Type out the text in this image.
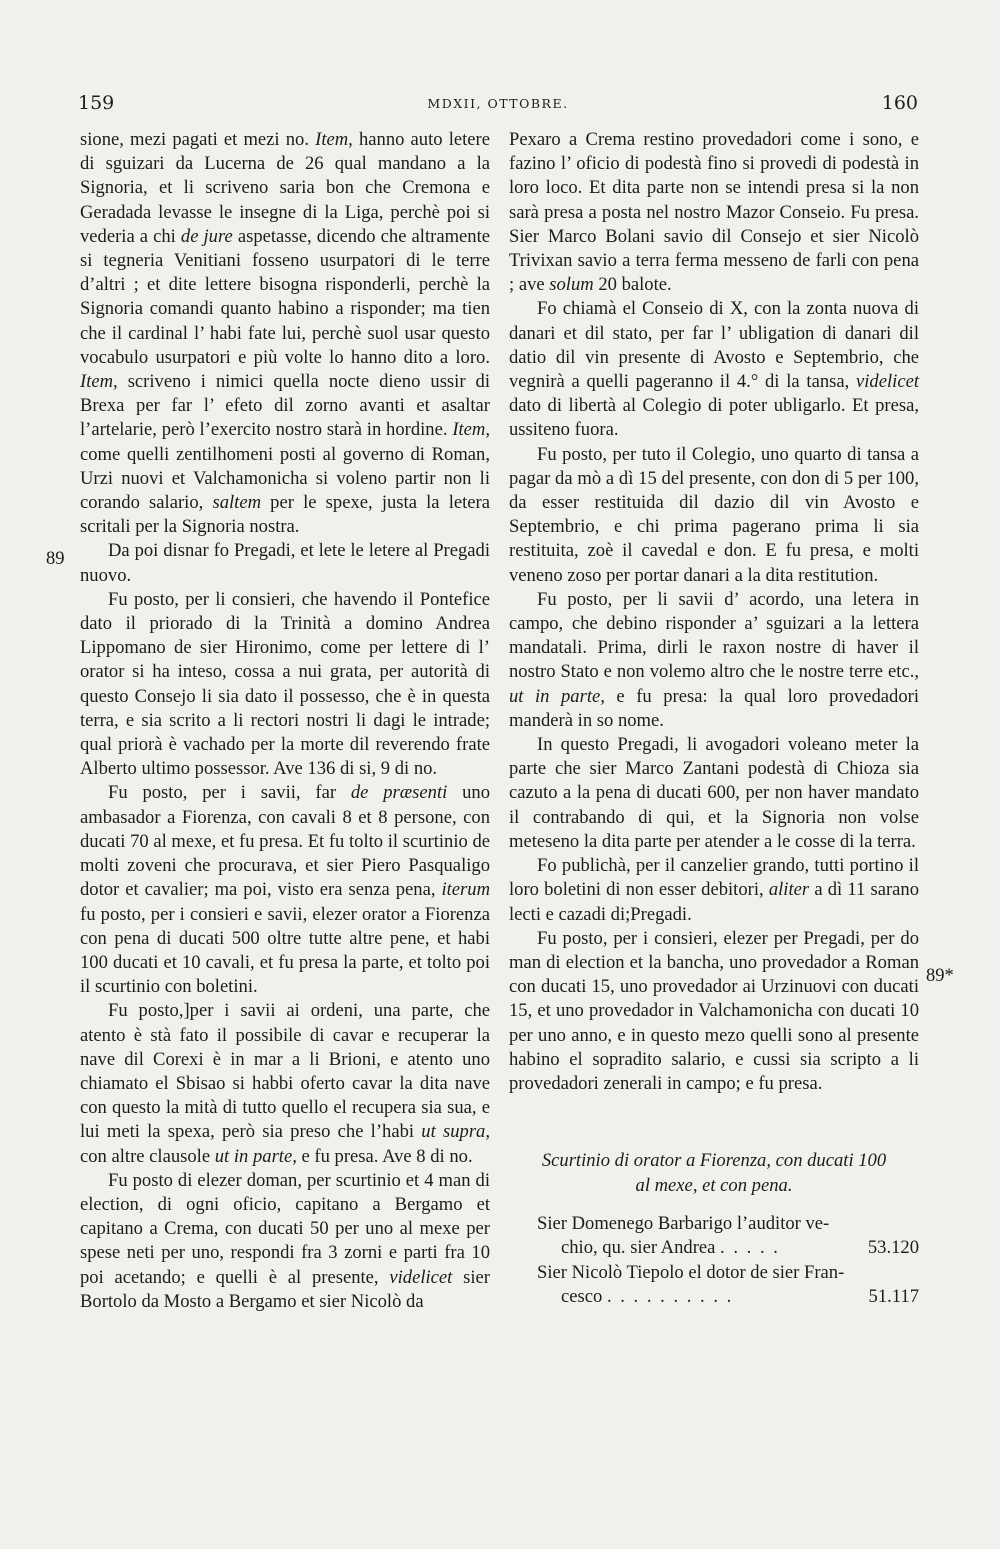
159	MDXII, OTTOBRE.	160
89
89*

sione, mezi pagati et mezi no. Item, hanno auto letere di sguizari da Lucerna de 26 qual mandano a la Signoria, et li scriveno saria bon che Cremona e Geradada levasse le insegne di la Liga, perchè poi si vederia a chi de jure aspetasse, dicendo che altramente si tegneria Venitiani fosseno usurpatori di le terre d’altri ; et dite lettere bisogna risponderli, perchè la Signoria comandi quanto habino a risponder; ma tien che il cardinal l’ habi fate lui, perchè suol usar questo vocabulo usurpatori e più volte lo hanno dito a loro. Item, scriveno i nimici quella nocte dieno ussir di Brexa per far l’ efeto dil zorno avanti et asaltar l’artelarie, però l’exercito nostro starà in hordine. Item, come quelli zentilhomeni posti al governo di Roman, Urzi nuovi et Valchamonicha si voleno partir non li corando salario, saltem per le spexe, justa la letera scritali per la Signoria nostra.

Da poi disnar fo Pregadi, et lete le letere al Pregadi nuovo.

Fu posto, per li consieri, che havendo il Pontefice dato il priorado di la Trinità a domino Andrea Lippomano de sier Hironimo, come per lettere di l’ orator si ha inteso, cossa a nui grata, per autorità di questo Consejo li sia dato il possesso, che è in questa terra, e sia scrito a li rectori nostri li dagi le intrade; qual priorà è vachado per la morte dil reverendo frate Alberto ultimo possessor. Ave 136 di si, 9 di no.

Fu posto, per i savii, far de præsenti uno ambasador a Fiorenza, con cavali 8 et 8 persone, con ducati 70 al mexe, et fu presa. Et fu tolto il scurtinio de molti zoveni che procurava, et sier Piero Pasqualigo dotor et cavalier; ma poi, visto era senza pena, iterum fu posto, per i consieri e savii, elezer orator a Fiorenza con pena di ducati 500 oltre tutte altre pene, et habi 100 ducati et 10 cavali, et fu presa la parte, et tolto poi il scurtinio con boletini.

Fu posto,]per i savii ai ordeni, una parte, che atento è stà fato il possibile di cavar e recuperar la nave dil Corexi è in mar a li Brioni, e atento uno chiamato el Sbisao si habbi oferto cavar la dita nave con questo la mità di tutto quello el recupera sia sua, e lui meti la spexa, però sia preso che l’habi ut supra, con altre clausole ut in parte, e fu presa. Ave 8 di no.

Fu posto di elezer doman, per scurtinio et 4 man di election, di ogni oficio, capitano a Bergamo et capitano a Crema, con ducati 50 per uno al mexe per spese neti per uno, respondi fra 3 zorni e parti fra 10 poi acetando; e quelli è al presente, videlicet sier Bortolo da Mosto a Bergamo et sier Nicolò da

Pexaro a Crema restino provedadori come i sono, e fazino l’ oficio di podestà fino si provedi di podestà in loro loco. Et dita parte non se intendi presa si la non sarà presa a posta nel nostro Mazor Conseio. Fu presa. Sier Marco Bolani savio dil Consejo et sier Nicolò Trivixan savio a terra ferma messeno de farli con pena ; ave solum 20 balote.

Fo chiamà el Conseio di X, con la zonta nuova di danari et dil stato, per far l’ ubligation di danari dil datio dil vin presente di Avosto e Septembrio, che vegnirà a quelli pageranno il 4.° di la tansa, videlicet dato di libertà al Colegio di poter ubligarlo. Et presa, ussiteno fuora.

Fu posto, per tuto il Colegio, uno quarto di tansa a pagar da mò a dì 15 del presente, con don di 5 per 100, da esser restituida dil dazio dil vin Avosto e Septembrio, e chi prima pagerano prima li sia restituita, zoè il cavedal e don. E fu presa, e molti veneno zoso per portar danari a la dita restitution.

Fu posto, per li savii d’ acordo, una letera in campo, che debino risponder a’ sguizari a la lettera mandatali. Prima, dirli le raxon nostre di haver il nostro Stato e non volemo altro che le nostre terre etc., ut in parte, e fu presa: la qual loro provedadori manderà in so nome.

In questo Pregadi, li avogadori voleano meter la parte che sier Marco Zantani podestà di Chioza sia cazuto a la pena di ducati 600, per non haver mandato il contrabando di qui, et la Signoria non volse meteseno la dita parte per atender a le cosse di la terra.

Fo publichà, per il canzelier grando, tutti portino il loro boletini di non esser debitori, aliter a dì 11 sarano lecti e cazadi di;Pregadi.

Fu posto, per i consieri, elezer per Pregadi, per do man di election et la bancha, uno provedador a Roman con ducati 15, uno provedador ai Urzinuovi con ducati 15, et uno provedador in Valchamonicha con ducati 10 per uno anno, e in questo mezo quelli sono al presente habino el sopradito salario, e cussi sia scripto a li provedadori zenerali in campo; e fu presa.

Scurtinio di orator a Fiorenza, con ducati 100
al mexe, et con pena.
Sier Domenego Barbarigo l’auditor ve-
chio, qu. sier Andrea . . . . .	53.120
Sier Nicolò Tiepolo el dotor de sier Fran-
cesco . . . . . . . . . .	51.117
